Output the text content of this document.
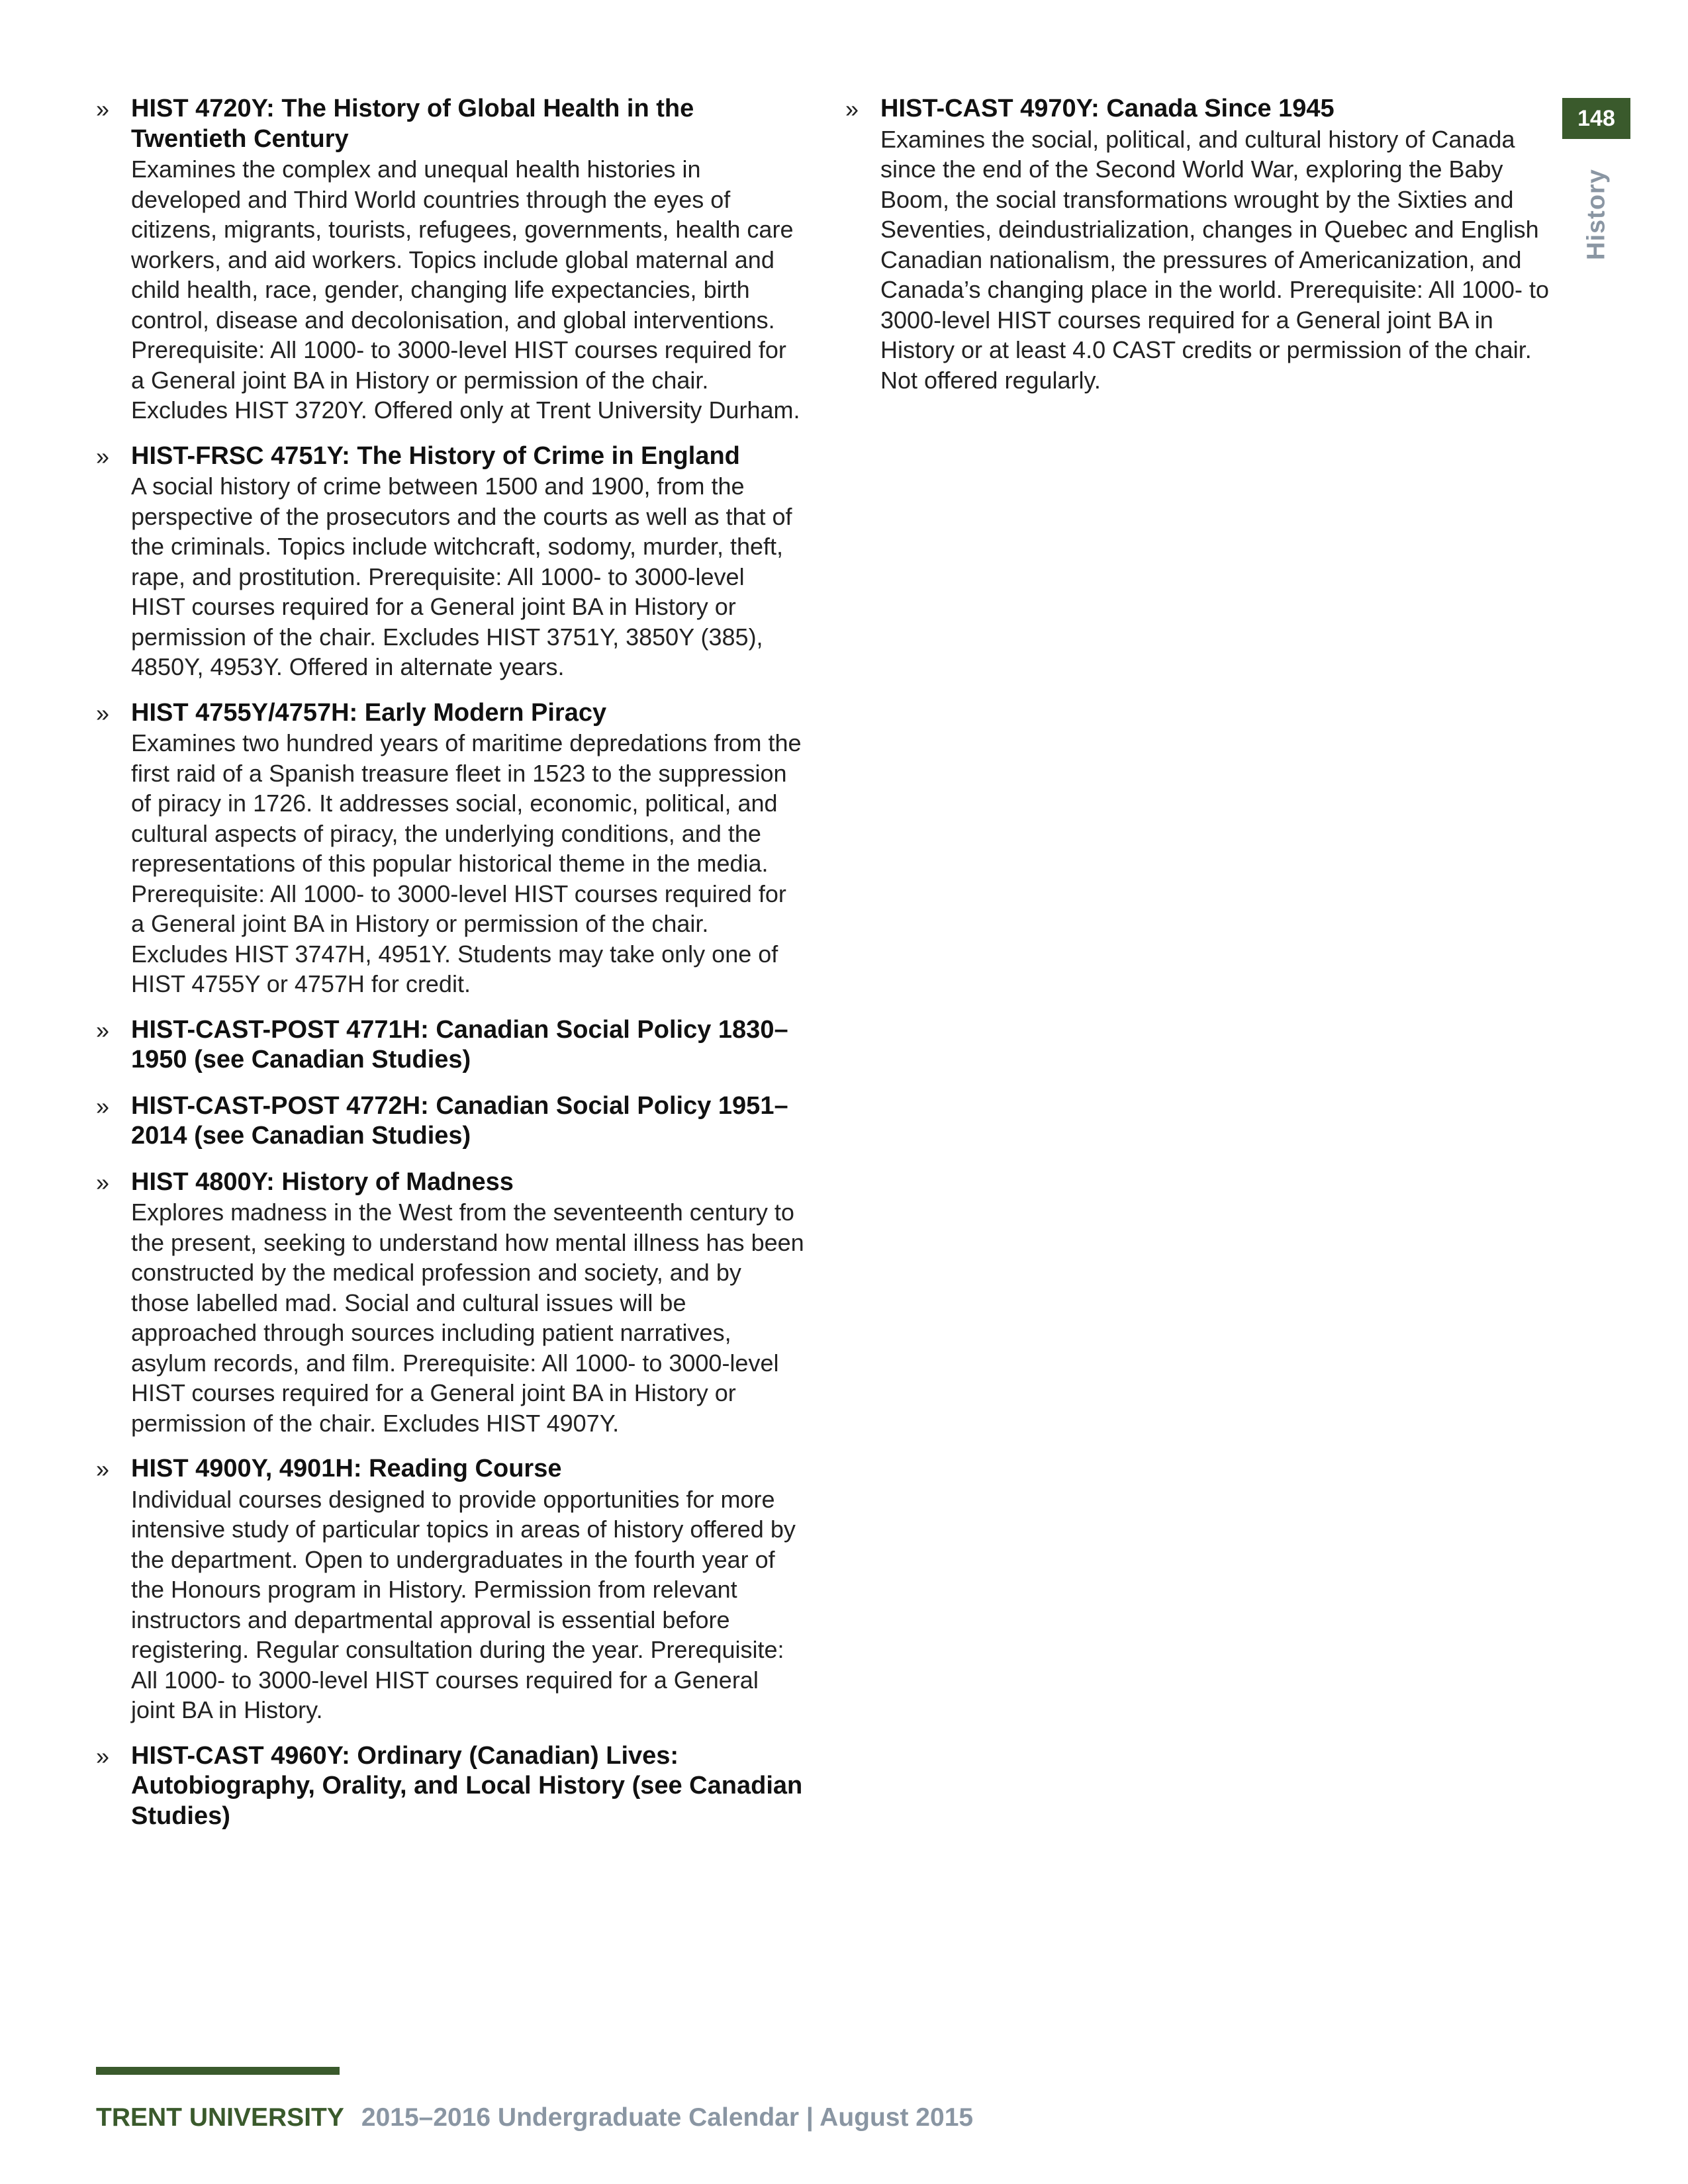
» HIST 4720Y: The History of Global Health in the Twentieth Century
Examines the complex and unequal health histories in developed and Third World countries through the eyes of citizens, migrants, tourists, refugees, governments, health care workers, and aid workers. Topics include global maternal and child health, race, gender, changing life expectancies, birth control, disease and decolonisation, and global interventions. Prerequisite: All 1000- to 3000-level HIST courses required for a General joint BA in History or permission of the chair. Excludes HIST 3720Y. Offered only at Trent University Durham.
» HIST-FRSC 4751Y: The History of Crime in England
A social history of crime between 1500 and 1900, from the perspective of the prosecutors and the courts as well as that of the criminals. Topics include witchcraft, sodomy, murder, theft, rape, and prostitution. Prerequisite: All 1000- to 3000-level HIST courses required for a General joint BA in History or permission of the chair. Excludes HIST 3751Y, 3850Y (385), 4850Y, 4953Y. Offered in alternate years.
» HIST 4755Y/4757H: Early Modern Piracy
Examines two hundred years of maritime depredations from the first raid of a Spanish treasure fleet in 1523 to the suppression of piracy in 1726. It addresses social, economic, political, and cultural aspects of piracy, the underlying conditions, and the representations of this popular historical theme in the media. Prerequisite: All 1000- to 3000-level HIST courses required for a General joint BA in History or permission of the chair. Excludes HIST 3747H, 4951Y. Students may take only one of HIST 4755Y or 4757H for credit.
» HIST-CAST-POST 4771H: Canadian Social Policy 1830–1950 (see Canadian Studies)
» HIST-CAST-POST 4772H: Canadian Social Policy 1951–2014 (see Canadian Studies)
» HIST 4800Y: History of Madness
Explores madness in the West from the seventeenth century to the present, seeking to understand how mental illness has been constructed by the medical profession and society, and by those labelled mad. Social and cultural issues will be approached through sources including patient narratives, asylum records, and film. Prerequisite: All 1000- to 3000-level HIST courses required for a General joint BA in History or permission of the chair. Excludes HIST 4907Y.
» HIST 4900Y, 4901H: Reading Course
Individual courses designed to provide opportunities for more intensive study of particular topics in areas of history offered by the department. Open to undergraduates in the fourth year of the Honours program in History. Permission from relevant instructors and departmental approval is essential before registering. Regular consultation during the year. Prerequisite: All 1000- to 3000-level HIST courses required for a General joint BA in History.
» HIST-CAST 4960Y: Ordinary (Canadian) Lives: Autobiography, Orality, and Local History (see Canadian Studies)
» HIST-CAST 4970Y: Canada Since 1945
Examines the social, political, and cultural history of Canada since the end of the Second World War, exploring the Baby Boom, the social transformations wrought by the Sixties and Seventies, deindustrialization, changes in Quebec and English Canadian nationalism, the pressures of Americanization, and Canada’s changing place in the world. Prerequisite: All 1000- to 3000-level HIST courses required for a General joint BA in History or at least 4.0 CAST credits or permission of the chair. Not offered regularly.
148
History
TRENT UNIVERSITY 2015–2016 Undergraduate Calendar | August 2015
